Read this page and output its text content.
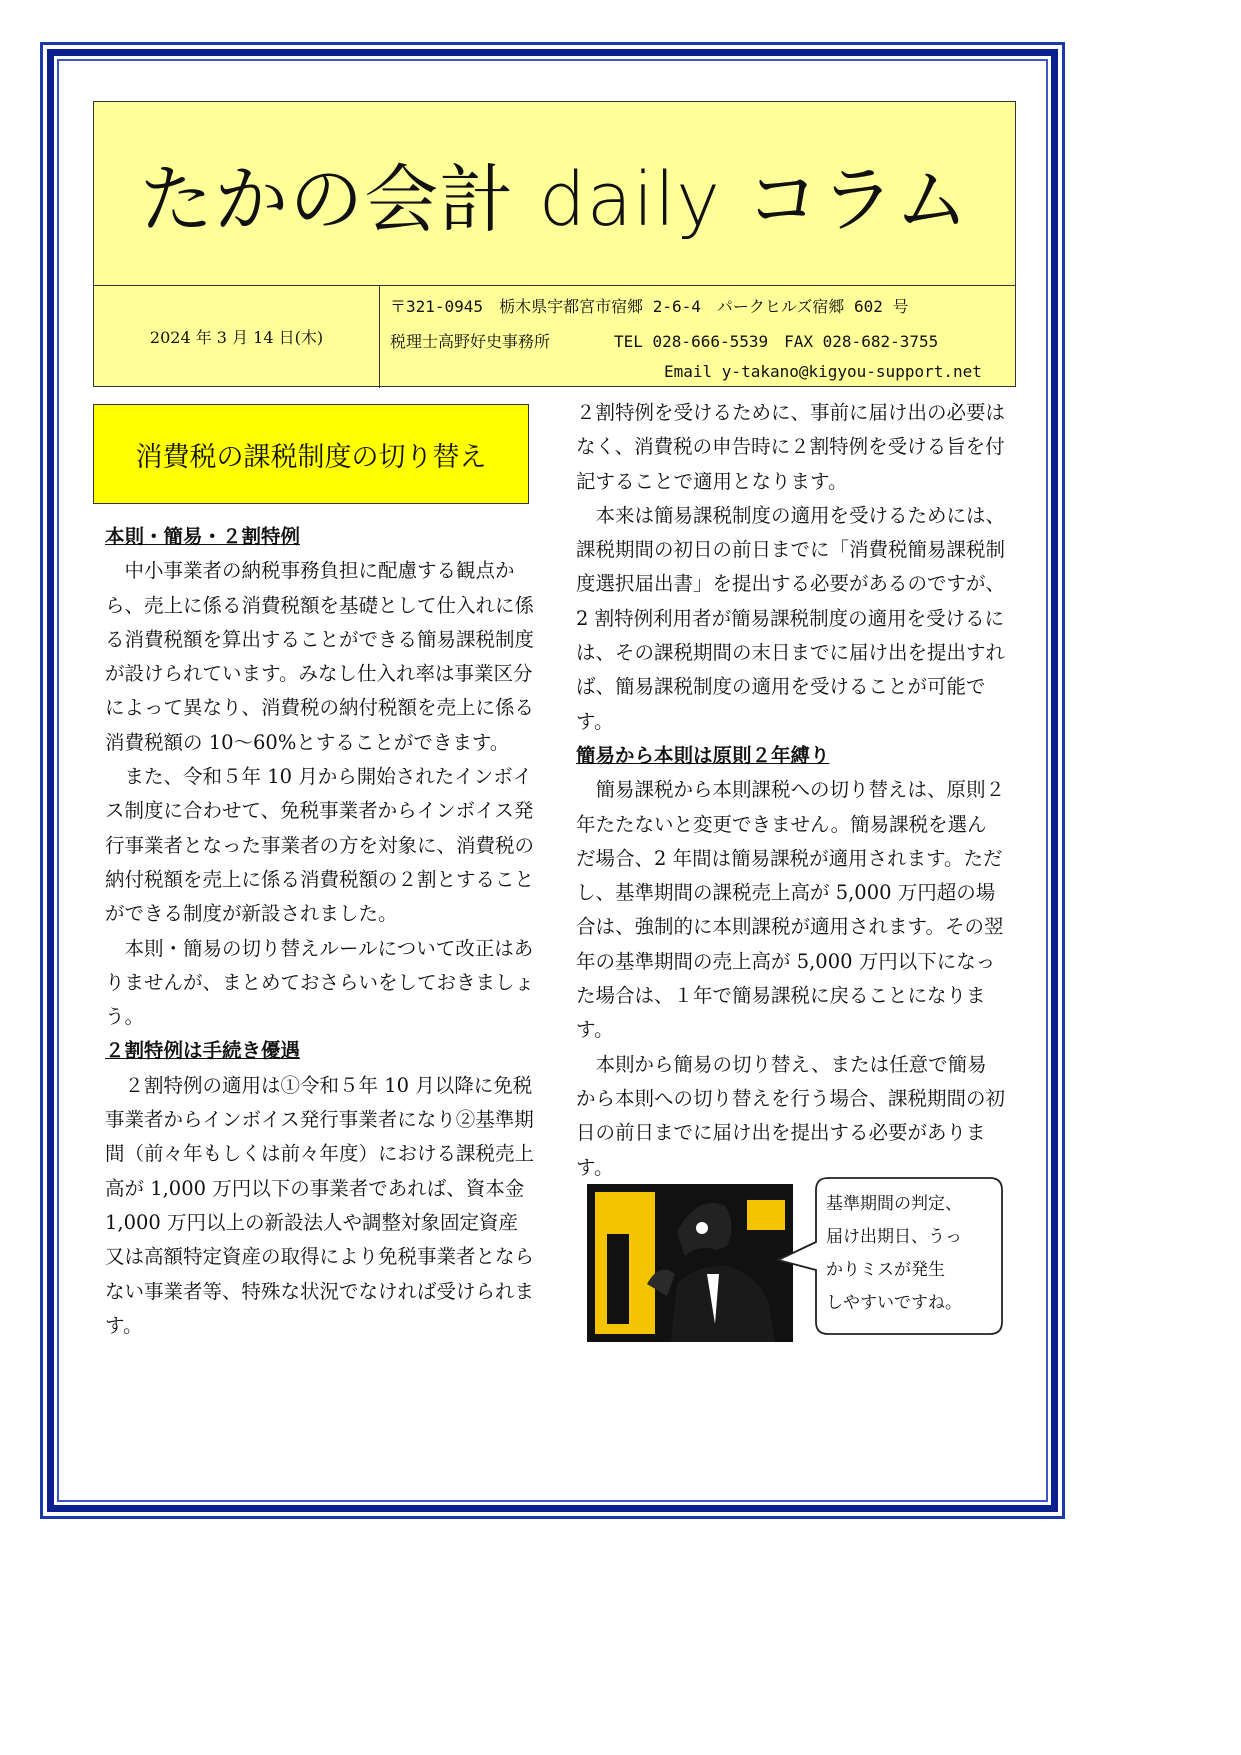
たかの会計 daily コラム
2024 年 3 月 14 日(木)
〒321-0945　栃木県宇都宮市宿郷 2-6-4　パークヒルズ宿郷 602 号
税理士高野好史事務所　　　　TEL 028-666-5539　FAX 028-682-3755
Email y-takano@kigyou-support.net
消費税の課税制度の切り替え

本則・簡易・２割特例

中小事業者の納税事務負担に配慮する観点から、売上に係る消費税額を基礎として仕入れに係る消費税額を算出することができる簡易課税制度が設けられています。みなし仕入れ率は事業区分によって異なり、消費税の納付税額を売上に係る消費税額の 10〜60%とすることができます。

また、令和５年 10 月から開始されたインボイス制度に合わせて、免税事業者からインボイス発行事業者となった事業者の方を対象に、消費税の納付税額を売上に係る消費税額の２割とすることができる制度が新設されました。

本則・簡易の切り替えルールについて改正はありませんが、まとめておさらいをしておきましょう。

２割特例は手続き優遇

２割特例の適用は①令和５年 10 月以降に免税事業者からインボイス発行事業者になり②基準期間（前々年もしくは前々年度）における課税売上高が 1,000 万円以下の事業者であれば、資本金 1,000 万円以上の新設法人や調整対象固定資産又は高額特定資産の取得により免税事業者とならない事業者等、特殊な状況でなければ受けられます。

２割特例を受けるために、事前に届け出の必要はなく、消費税の申告時に２割特例を受ける旨を付記することで適用となります。

本来は簡易課税制度の適用を受けるためには、課税期間の初日の前日までに「消費税簡易課税制度選択届出書」を提出する必要があるのですが、2 割特例利用者が簡易課税制度の適用を受けるには、その課税期間の末日までに届け出を提出すれば、簡易課税制度の適用を受けることが可能です。

簡易から本則は原則２年縛り

簡易課税から本則課税への切り替えは、原則２年たたないと変更できません。簡易課税を選んだ場合、2 年間は簡易課税が適用されます。ただし、基準期間の課税売上高が 5,000 万円超の場合は、強制的に本則課税が適用されます。その翌年の基準期間の売上高が 5,000 万円以下になった場合は、１年で簡易課税に戻ることになります。

本則から簡易の切り替え、または任意で簡易から本則への切り替えを行う場合、課税期間の初日の前日までに届け出を提出する必要があります。

基準期間の判定、
届け出期日、うっ
かりミスが発生
しやすいですね。
